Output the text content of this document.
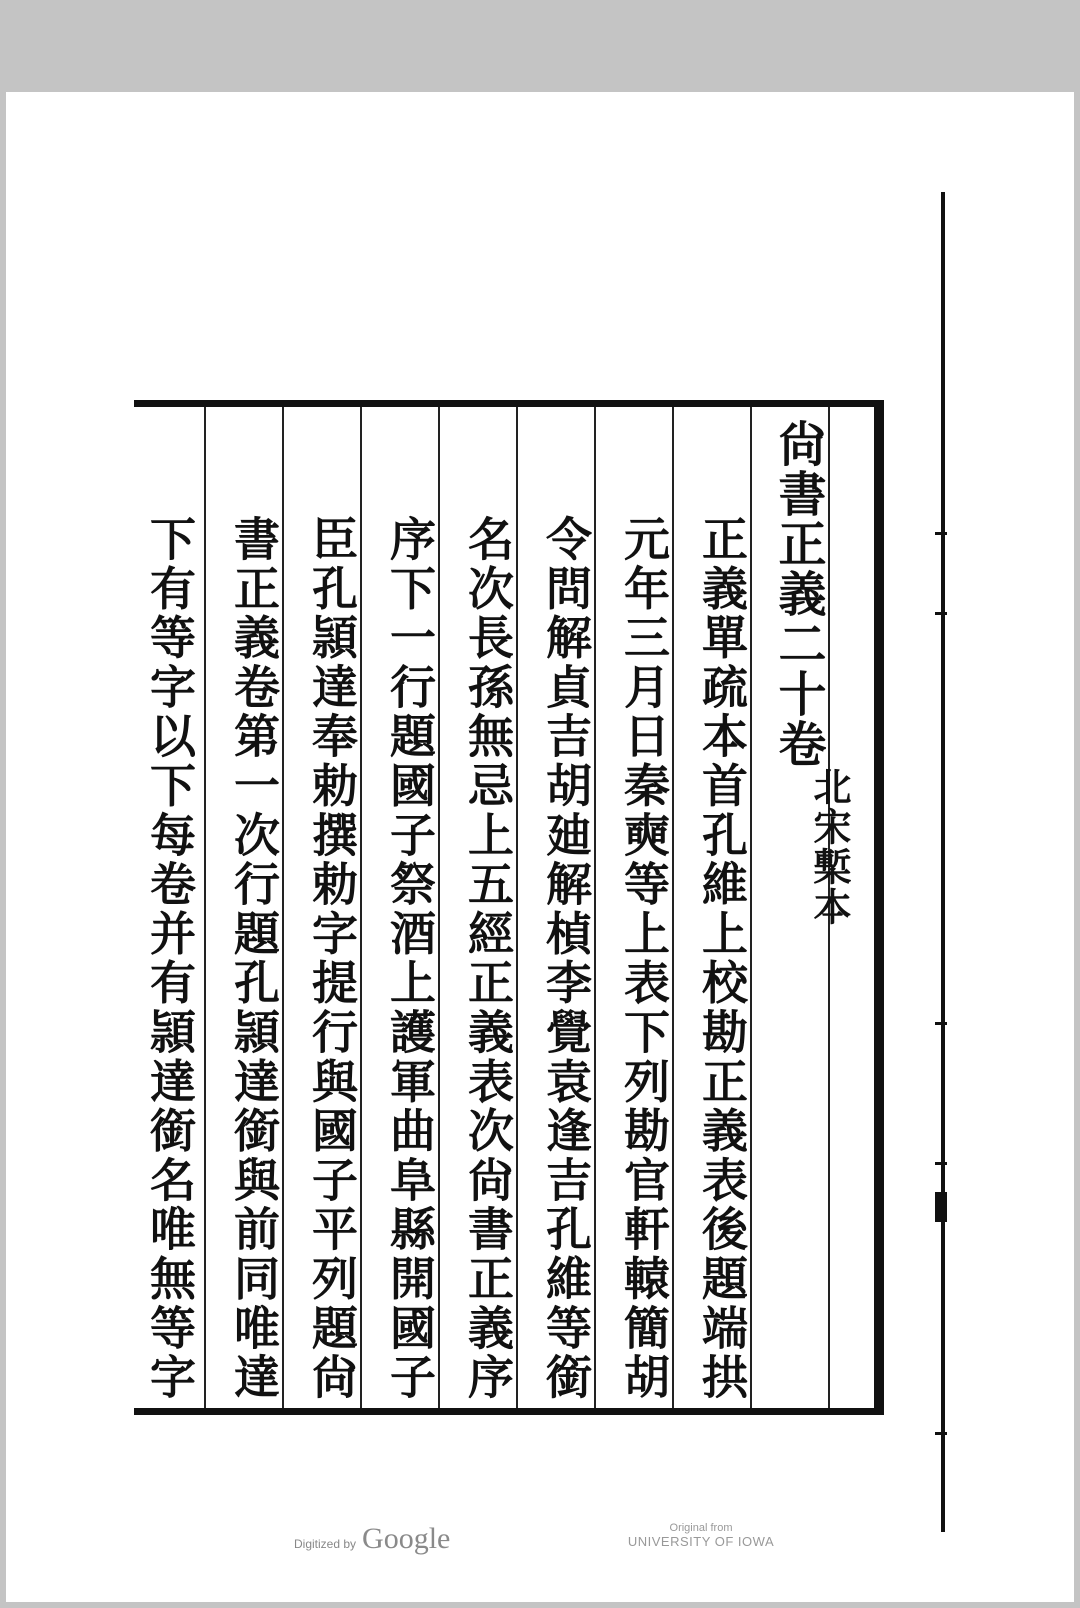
尙書正義二十卷
北宋槧本
正義單疏本首孔維上校勘正義表後題端拱
元年三月日秦奭等上表下列勘官軒轅簡胡
令問解貞吉胡廸解楨李覺袁逢吉孔維等銜
名次長孫無忌上五經正義表次尙書正義序
序下一行題國子祭酒上護軍曲阜縣開國子
臣孔頴達奉勅撰勅字提行與國子平列題尙
書正義卷第一次行題孔頴達銜與前同唯達
下有等字以下每卷并有頴達銜名唯無等字
Digitized by Google	Original from
UNIVERSITY OF IOWA
